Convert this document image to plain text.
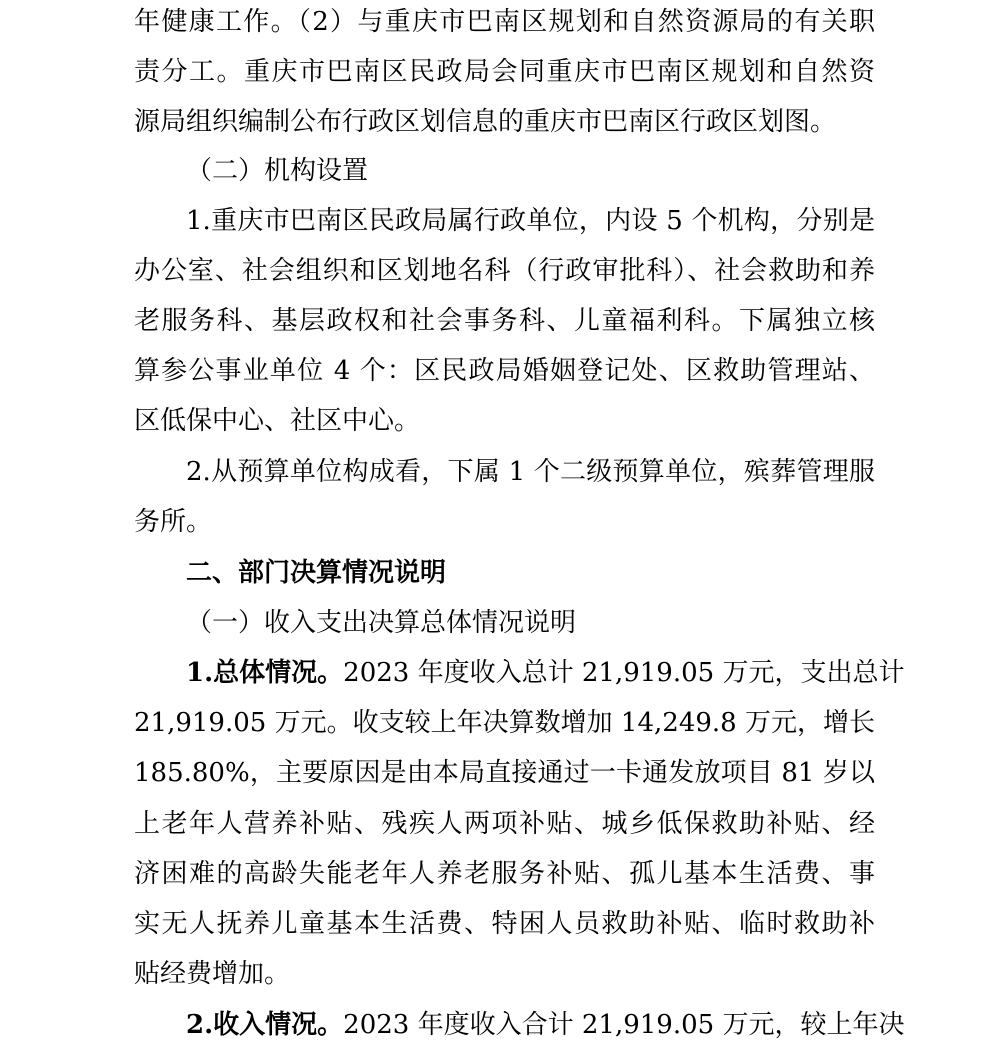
年健康工作。（2）与重庆市巴南区规划和自然资源局的有关职
责分工。重庆市巴南区民政局会同重庆市巴南区规划和自然资
源局组织编制公布行政区划信息的重庆市巴南区行政区划图。
（二）机构设置
1.重庆市巴南区民政局属行政单位，内设 5 个机构，分别是
办公室、社会组织和区划地名科（行政审批科）、社会救助和养
老服务科、基层政权和社会事务科、儿童福利科。下属独立核
算参公事业单位 4 个：区民政局婚姻登记处、区救助管理站、
区低保中心、社区中心。
2.从预算单位构成看，下属 1 个二级预算单位，殡葬管理服
务所。
二、部门决算情况说明
（一）收入支出决算总体情况说明
1.总体情况。2023 年度收入总计 21,919.05 万元，支出总计
21,919.05 万元。收支较上年决算数增加 14,249.8 万元，增长
185.80%，主要原因是由本局直接通过一卡通发放项目 81 岁以
上老年人营养补贴、残疾人两项补贴、城乡低保救助补贴、经
济困难的高龄失能老年人养老服务补贴、孤儿基本生活费、事
实无人抚养儿童基本生活费、特困人员救助补贴、临时救助补
贴经费增加。
2.收入情况。2023 年度收入合计 21,919.05 万元，较上年决
